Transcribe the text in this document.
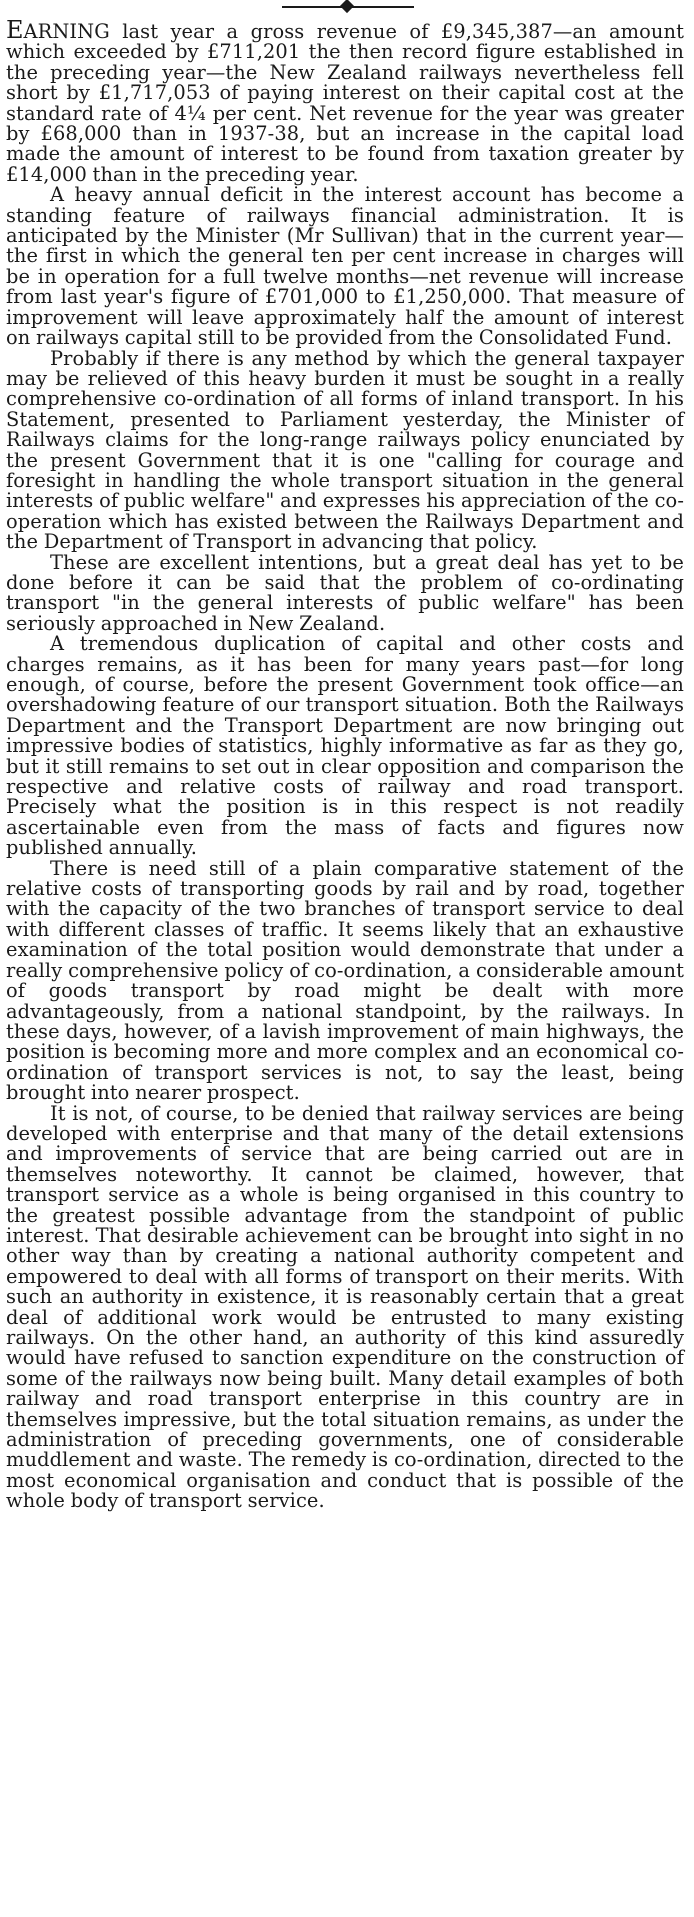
EARNING last year a gross revenue of £9,345,387—an amount which exceeded by £711,201 the then record figure established in the preceding year—the New Zealand railways nevertheless fell short by £1,717,053 of paying interest on their capital cost at the standard rate of 4¼ per cent. Net revenue for the year was greater by £68,000 than in 1937-38, but an increase in the capital load made the amount of interest to be found from taxation greater by £14,000 than in the preceding year.

A heavy annual deficit in the interest account has become a standing feature of railways financial administration. It is anticipated by the Minister (Mr Sullivan) that in the current year—the first in which the general ten per cent increase in charges will be in operation for a full twelve months—net revenue will increase from last year's figure of £701,000 to £1,250,000. That measure of improvement will leave approximately half the amount of interest on railways capital still to be provided from the Consolidated Fund.

Probably if there is any method by which the general taxpayer may be relieved of this heavy burden it must be sought in a really comprehensive co-ordination of all forms of inland transport. In his Statement, presented to Parliament yesterday, the Minister of Railways claims for the long-range railways policy enunciated by the present Government that it is one "calling for courage and foresight in handling the whole transport situation in the general interests of public welfare" and expresses his appreciation of the co-operation which has existed between the Railways Department and the Department of Transport in advancing that policy.

These are excellent intentions, but a great deal has yet to be done before it can be said that the problem of co-ordinating transport "in the general interests of public welfare" has been seriously approached in New Zealand.

A tremendous duplication of capital and other costs and charges remains, as it has been for many years past—for long enough, of course, before the present Government took office—an overshadowing feature of our transport situation. Both the Railways Department and the Transport Department are now bringing out impressive bodies of statistics, highly informative as far as they go, but it still remains to set out in clear opposition and comparison the respective and relative costs of railway and road transport. Precisely what the position is in this respect is not readily ascertainable even from the mass of facts and figures now published annually.

There is need still of a plain comparative statement of the relative costs of transporting goods by rail and by road, together with the capacity of the two branches of transport service to deal with different classes of traffic. It seems likely that an exhaustive examination of the total position would demonstrate that under a really comprehensive policy of co-ordination, a considerable amount of goods transport by road might be dealt with more advantageously, from a national standpoint, by the railways. In these days, however, of a lavish improvement of main highways, the position is becoming more and more complex and an economical co-ordination of transport services is not, to say the least, being brought into nearer prospect.

It is not, of course, to be denied that railway services are being developed with enterprise and that many of the detail extensions and improvements of service that are being carried out are in themselves noteworthy. It cannot be claimed, however, that transport service as a whole is being organised in this country to the greatest possible advantage from the standpoint of public interest. That desirable achievement can be brought into sight in no other way than by creating a national authority competent and empowered to deal with all forms of transport on their merits. With such an authority in existence, it is reasonably certain that a great deal of additional work would be entrusted to many existing railways. On the other hand, an authority of this kind assuredly would have refused to sanction expenditure on the construction of some of the railways now being built. Many detail examples of both railway and road transport enterprise in this country are in themselves impressive, but the total situation remains, as under the administration of preceding governments, one of considerable muddlement and waste. The remedy is co-ordination, directed to the most economical organisation and conduct that is possible of the whole body of transport service.
